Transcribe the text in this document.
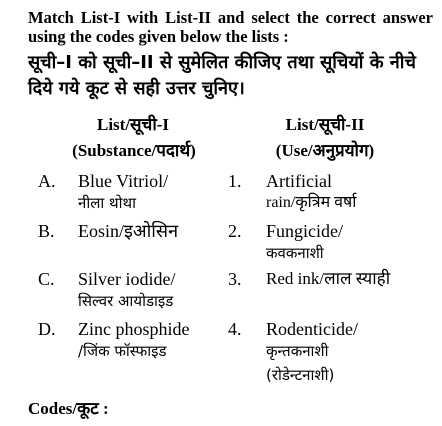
Match List-I with List-II and select the correct answer using the codes given below the lists :
सूची–I को सूची–II से सुमेलित कीजिए तथा सूचियों के नीचे दिये गये कूट से सही उत्तर चुनिए।
List/सूची-I
(Substance/पदार्थ)
List/सूची-II
(Use/अनुप्रयोग)
A. Blue Vitriol/
नीला थोथा
B. Eosin/इओसिन
C. Silver iodide/
सिल्वर आयोडाइड
D. Zinc phosphide
/जिंक फॉस्फाइड
1. Artificial
rain/कृत्रिम वर्षा
2. Fungicide/
कवकनाशी
3. Red ink/लाल स्याही
4. Rodenticide/
कृन्तकनाशी
(रोडेन्टनाशी)
Codes/कूट :
